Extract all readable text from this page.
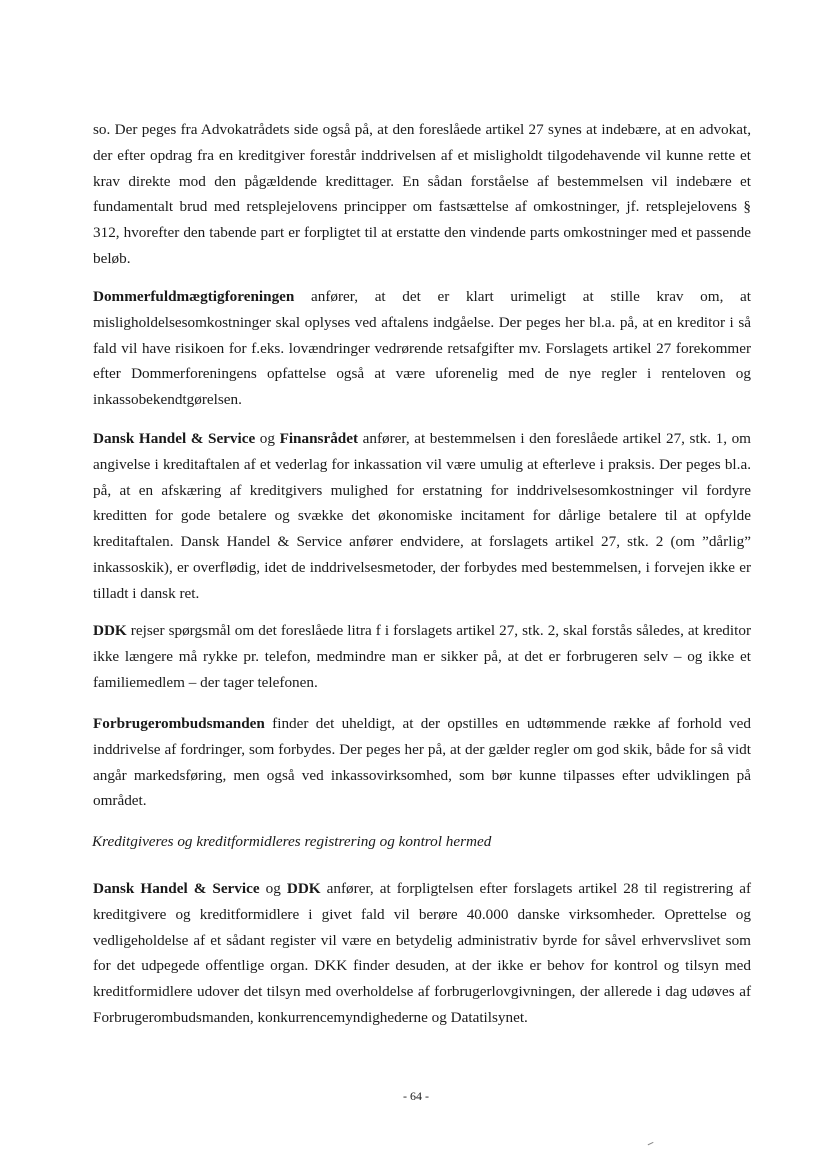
so. Der peges fra Advokatrådets side også på, at den foreslåede artikel 27 synes at indebære, at en advokat, der efter opdrag fra en kreditgiver forestår inddrivelsen af et misligholdt tilgodehavende vil kunne rette et krav direkte mod den pågældende kredittager. En sådan forståelse af bestemmelsen vil indebære et fundamentalt brud med retsplejelovens principper om fastsættelse af omkostninger, jf. retsplejelovens § 312, hvorefter den tabende part er forpligtet til at erstatte den vindende parts omkostninger med et passende beløb.

Dommerfuldmægtigforeningen anfører, at det er klart urimeligt at stille krav om, at misligholdelsesomkostninger skal oplyses ved aftalens indgåelse. Der peges her bl.a. på, at en kreditor i så fald vil have risikoen for f.eks. lovændringer vedrørende retsafgifter mv. Forslagets artikel 27 forekommer efter Dommerforeningens opfattelse også at være uforenelig med de nye regler i renteloven og inkassobekendtgørelsen.

Dansk Handel & Service og Finansrådet anfører, at bestemmelsen i den foreslåede artikel 27, stk. 1, om angivelse i kreditaftalen af et vederlag for inkassation vil være umulig at efterleve i praksis. Der peges bl.a. på, at en afskæring af kreditgivers mulighed for erstatning for inddrivelsesomkostninger vil fordyre kreditten for gode betalere og svække det økonomiske incitament for dårlige betalere til at opfylde kreditaftalen. Dansk Handel & Service anfører endvidere, at forslagets artikel 27, stk. 2 (om ”dårlig” inkassoskik), er overflødig, idet de inddrivelsesmetoder, der forbydes med bestemmelsen, i forvejen ikke er tilladt i dansk ret.

DDK rejser spørgsmål om det foreslåede litra f i forslagets artikel 27, stk. 2, skal forstås således, at kreditor ikke længere må rykke pr. telefon, medmindre man er sikker på, at det er forbrugeren selv – og ikke et familiemedlem – der tager telefonen.

Forbrugerombudsmanden finder det uheldigt, at der opstilles en udtømmende række af forhold ved inddrivelse af fordringer, som forbydes. Der peges her på, at der gælder regler om god skik, både for så vidt angår markedsføring, men også ved inkassovirksomhed, som bør kunne tilpasses efter udviklingen på området.

Kreditgiveres og kreditformidleres registrering og kontrol hermed

Dansk Handel & Service og DDK anfører, at forpligtelsen efter forslagets artikel 28 til registrering af kreditgivere og kreditformidlere i givet fald vil berøre 40.000 danske virksomheder. Oprettelse og vedligeholdelse af et sådant register vil være en betydelig administrativ byrde for såvel erhvervslivet som for det udpegede offentlige organ. DKK finder desuden, at der ikke er behov for kontrol og tilsyn med kreditformidlere udover det tilsyn med overholdelse af forbrugerlovgivningen, der allerede i dag udøves af Forbrugerombudsmanden, konkurrencemyndighederne og Datatilsynet.

- 64 -
